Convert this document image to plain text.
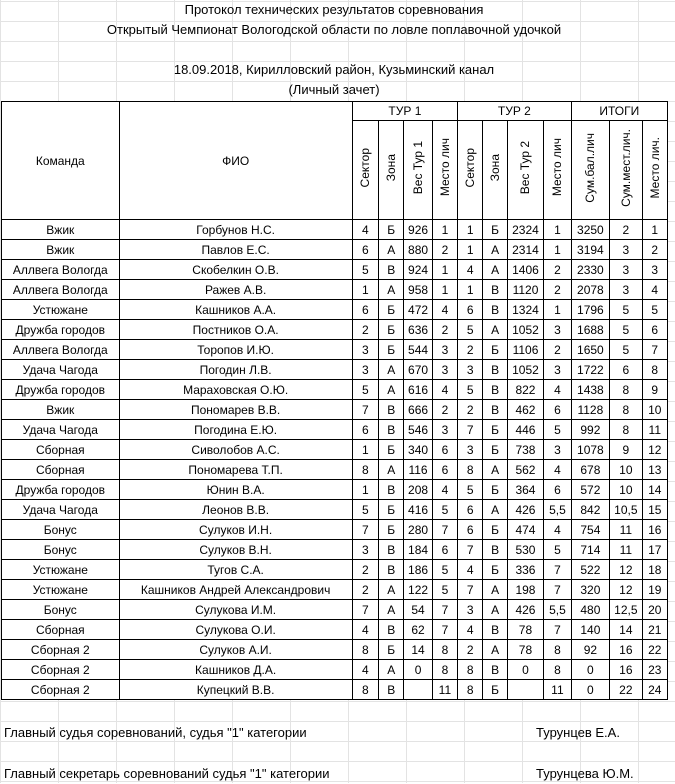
Протокол технических результатов соревнования
Открытый Чемпионат Вологодской области по ловле поплавочной удочкой
18.09.2018, Кирилловский район, Кузьминский канал
(Личный зачет)
Команда	ФИО	ТУР 1				ТУР 2				ИТОГИ		
		Сектор	Зона	Вес Тур 1	Место лич	Сектор	Зона	Вес Тур 2	Место лич	Сум.бал.лич	Сум.мест.лич.	Место лич.
Вжик	Горбунов Н.С.	4	Б	926	1	1	Б	2324	1	3250	2	1
Вжик	Павлов Е.С.	6	А	880	2	1	А	2314	1	3194	3	2
Аллвега Вологда	Скобелкин О.В.	5	В	924	1	4	А	1406	2	2330	3	3
Аллвега Вологда	Ражев А.В.	1	А	958	1	1	В	1120	2	2078	3	4
Устюжане	Кашников А.А.	6	Б	472	4	6	В	1324	1	1796	5	5
Дружба городов	Постников О.А.	2	Б	636	2	5	А	1052	3	1688	5	6
Аллвега Вологда	Торопов И.Ю.	3	Б	544	3	2	Б	1106	2	1650	5	7
Удача Чагода	Погодин Л.В.	3	А	670	3	3	В	1052	3	1722	6	8
Дружба городов	Мараховская О.Ю.	5	А	616	4	5	В	822	4	1438	8	9
Вжик	Пономарев В.В.	7	В	666	2	2	В	462	6	1128	8	10
Удача Чагода	Погодина Е.Ю.	6	В	546	3	7	Б	446	5	992	8	11
Сборная	Сиволобов А.С.	1	Б	340	6	3	Б	738	3	1078	9	12
Сборная	Пономарева Т.П.	8	А	116	6	8	А	562	4	678	10	13
Дружба городов	Юнин В.А.	1	В	208	4	5	Б	364	6	572	10	14
Удача Чагода	Леонов В.В.	5	Б	416	5	6	А	426	5,5	842	10,5	15
Бонус	Сулуков И.Н.	7	Б	280	7	6	Б	474	4	754	11	16
Бонус	Сулуков В.Н.	3	В	184	6	7	В	530	5	714	11	17
Устюжане	Тугов С.А.	2	В	186	5	4	Б	336	7	522	12	18
Устюжане	Кашников Андрей Александрович	2	А	122	5	7	А	198	7	320	12	19
Бонус	Сулукова И.М.	7	А	54	7	3	А	426	5,5	480	12,5	20
Сборная	Сулукова О.И.	4	В	62	7	4	В	78	7	140	14	21
Сборная 2	Сулуков А.И.	8	Б	14	8	2	А	78	8	92	16	22
Сборная 2	Кашников Д.А.	4	А	0	8	8	В	0	8	0	16	23
Сборная 2	Купецкий В.В.	8	В		11	8	Б		11	0	22	24
Главный судья соревнований, судья "1" категории	Турунцев Е.А.
Главный секретарь соревнований судья "1" категории	Турунцева Ю.М.
